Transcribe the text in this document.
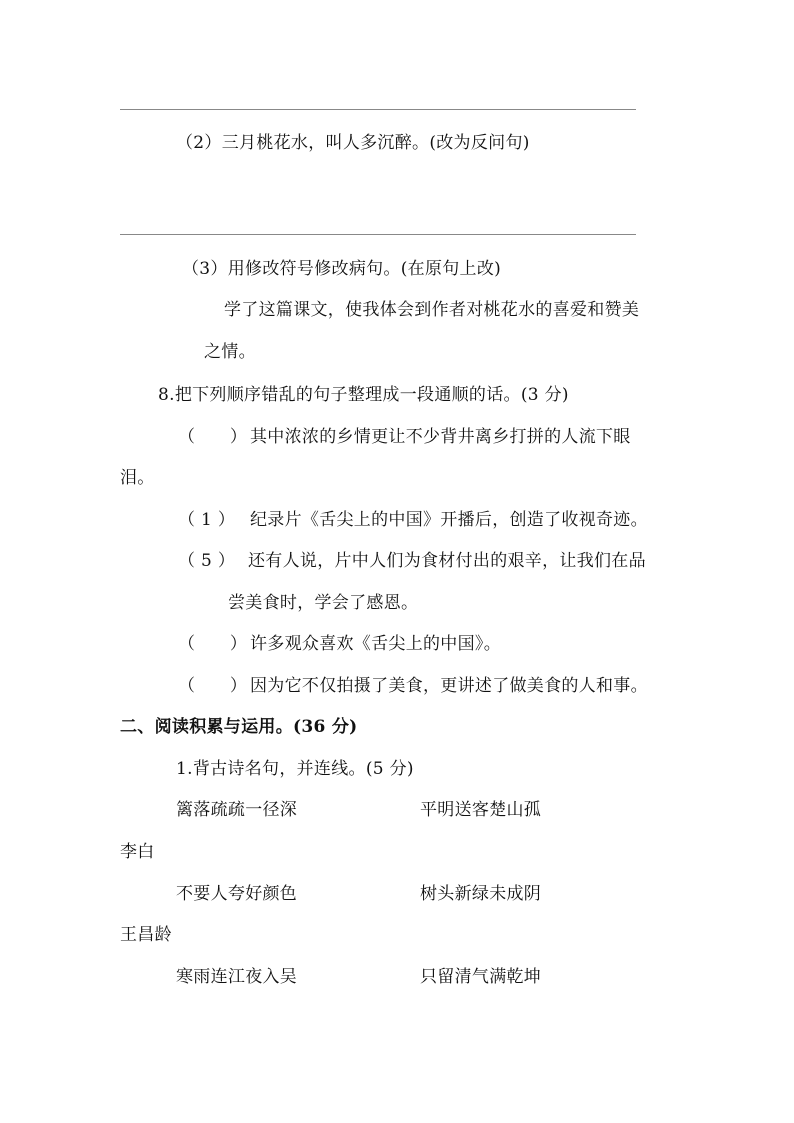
（2）三月桃花水，叫人多沉醉。(改为反问句)
（3）用修改符号修改病句。(在原句上改)
学了这篇课文，使我体会到作者对桃花水的喜爱和赞美
之情。
8.把下列顺序错乱的句子整理成一段通顺的话。(3 分)
（　　） 其中浓浓的乡情更让不少背井离乡打拼的人流下眼
泪。
（ 1 ） 纪录片《舌尖上的中国》开播后，创造了收视奇迹。
（ 5 ） 还有人说，片中人们为食材付出的艰辛，让我们在品
尝美食时，学会了感恩。
（　　） 许多观众喜欢《舌尖上的中国》。
（　　） 因为它不仅拍摄了美食，更讲述了做美食的人和事。
二、阅读积累与运用。(36 分)
1.背古诗名句，并连线。(5 分)
篱落疏疏一径深	平明送客楚山孤
李白
不要人夸好颜色	树头新绿未成阴
王昌龄
寒雨连江夜入吴	只留清气满乾坤
